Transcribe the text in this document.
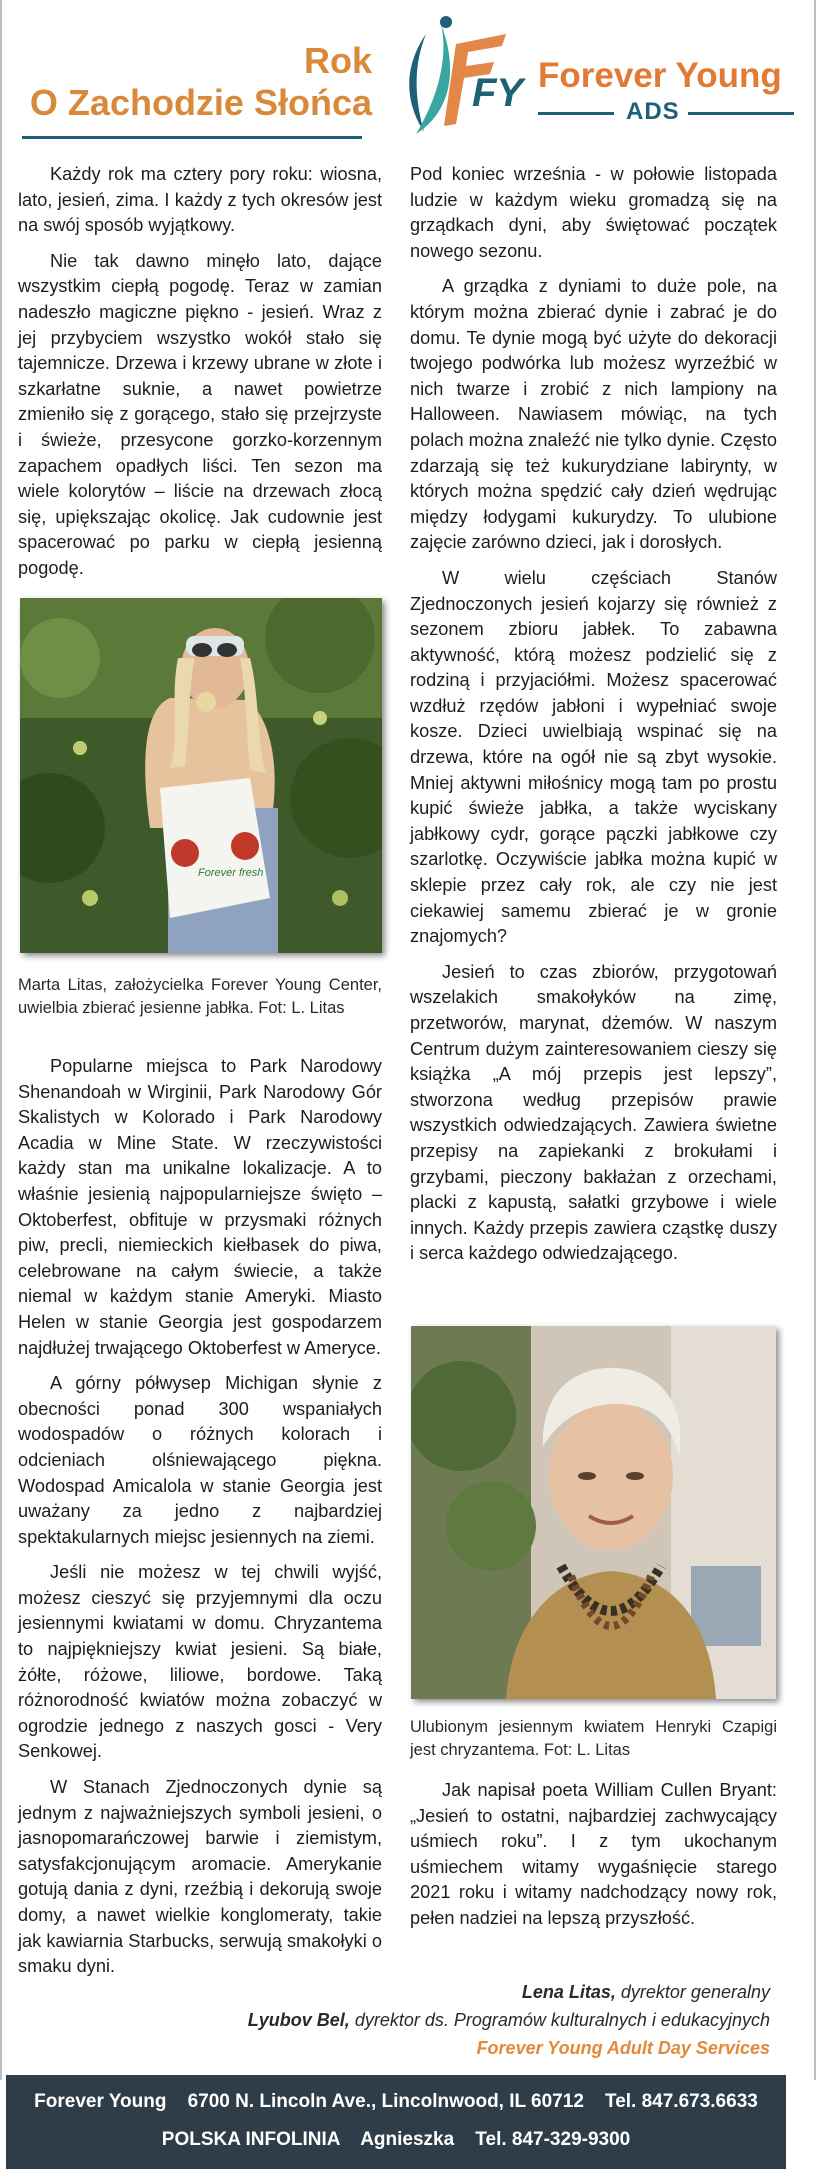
Rok
O Zachodzie Słońca	FY Forever Young
ADS

Każdy rok ma cztery pory roku: wiosna, lato, jesień, zima. I każdy z tych okresów jest na swój sposób wyjątkowy.

Nie tak dawno minęło lato, dające wszystkim ciepłą pogodę. Teraz w zamian nadeszło magiczne piękno - jesień. Wraz z jej przybyciem wszystko wokół stało się tajemnicze. Drzewa i krzewy ubrane w złote i szkarłatne suknie, a nawet powietrze zmieniło się z gorącego, stało się przejrzyste i świeże, przesycone gorzko-korzennym zapachem opadłych liści. Ten sezon ma wiele kolorytów – liście na drzewach złocą się, upiększając okolicę. Jak cudownie jest spacerować po parku w ciepłą jesienną pogodę.

Forever fresh

Marta Litas, założycielka Forever Young Center, uwielbia zbierać jesienne jabłka. Fot: L. Litas

Popularne miejsca to Park Narodowy Shenandoah w Wirginii, Park Narodowy Gór Skalistych w Kolorado i Park Narodowy Acadia w Mine State. W rzeczywistości każdy stan ma unikalne lokalizacje. A to właśnie jesienią najpopularniejsze święto – Oktoberfest, obfituje w przysmaki różnych piw, precli, niemieckich kiełbasek do piwa, celebrowane na całym świecie, a także niemal w każdym stanie Ameryki. Miasto Helen w stanie Georgia jest gospodarzem najdłużej trwającego Oktoberfest w Ameryce.

A górny półwysep Michigan słynie z obecności ponad 300 wspaniałych wodospadów o różnych kolorach i odcieniach olśniewającego piękna. Wodospad Amicalola w stanie Georgia jest uważany za jedno z najbardziej spektakularnych miejsc jesiennych na ziemi.

Jeśli nie możesz w tej chwili wyjść, możesz cieszyć się przyjemnymi dla oczu jesiennymi kwiatami w domu. Chryzantema to najpiękniejszy kwiat jesieni. Są białe, żółte, różowe, liliowe, bordowe. Taką różnorodność kwiatów można zobaczyć w ogrodzie jednego z naszych gosci - Very Senkowej.

W Stanach Zjednoczonych dynie są jednym z najważniejszych symboli jesieni, o jasnopomarańczowej barwie i ziemistym, satysfakcjonującym aromacie. Amerykanie gotują dania z dyni, rzeźbią i dekorują swoje domy, a nawet wielkie konglomeraty, takie jak kawiarnia Starbucks, serwują smakołyki o smaku dyni.

Pod koniec września - w połowie listopada ludzie w każdym wieku gromadzą się na grządkach dyni, aby świętować początek nowego sezonu.

A grządka z dyniami to duże pole, na którym można zbierać dynie i zabrać je do domu. Te dynie mogą być użyte do dekoracji twojego podwórka lub możesz wyrzeźbić w nich twarze i zrobić z nich lampiony na Halloween. Nawiasem mówiąc, na tych polach można znaleźć nie tylko dynie. Często zdarzają się też kukurydziane labirynty, w których można spędzić cały dzień wędrując między łodygami kukurydzy. To ulubione zajęcie zarówno dzieci, jak i dorosłych.

W wielu częściach Stanów Zjednoczonych jesień kojarzy się również z sezonem zbioru jabłek. To zabawna aktywność, którą możesz podzielić się z rodziną i przyjaciółmi. Możesz spacerować wzdłuż rzędów jabłoni i wypełniać swoje kosze. Dzieci uwielbiają wspinać się na drzewa, które na ogół nie są zbyt wysokie. Mniej aktywni miłośnicy mogą tam po prostu kupić świeże jabłka, a także wyciskany jabłkowy cydr, gorące pączki jabłkowe czy szarlotkę. Oczywiście jabłka można kupić w sklepie przez cały rok, ale czy nie jest ciekawiej samemu zbierać je w gronie znajomych?

Jesień to czas zbiorów, przygotowań wszelakich smakołyków na zimę, przetworów, marynat, dżemów. W naszym Centrum dużym zainteresowaniem cieszy się książka „A mój przepis jest lepszy”, stworzona według przepisów prawie wszystkich odwiedzających. Zawiera świetne przepisy na zapiekanki z brokułami i grzybami, pieczony bakłażan z orzechami, placki z kapustą, sałatki grzybowe i wiele innych. Każdy przepis zawiera cząstkę duszy i serca każdego odwiedzającego.

Ulubionym jesiennym kwiatem Henryki Czapigi jest chryzantema. Fot: L. Litas

Jak napisał poeta William Cullen Bryant: „Jesień to ostatni, najbardziej zachwycający uśmiech roku”. I z tym ukochanym uśmiechem witamy wygaśnięcie starego 2021 roku i witamy nadchodzący nowy rok, pełen nadziei na lepszą przyszłość.

Lena Litas, dyrektor generalny
Lyubov Bel, dyrektor ds. Programów kulturalnych i edukacyjnych
Forever Young Adult Day Services
Forever Young    6700 N. Lincoln Ave., Lincolnwood, IL 60712    Tel. 847.673.6633
POLSKA INFOLINIA    Agnieszka    Tel. 847-329-9300
